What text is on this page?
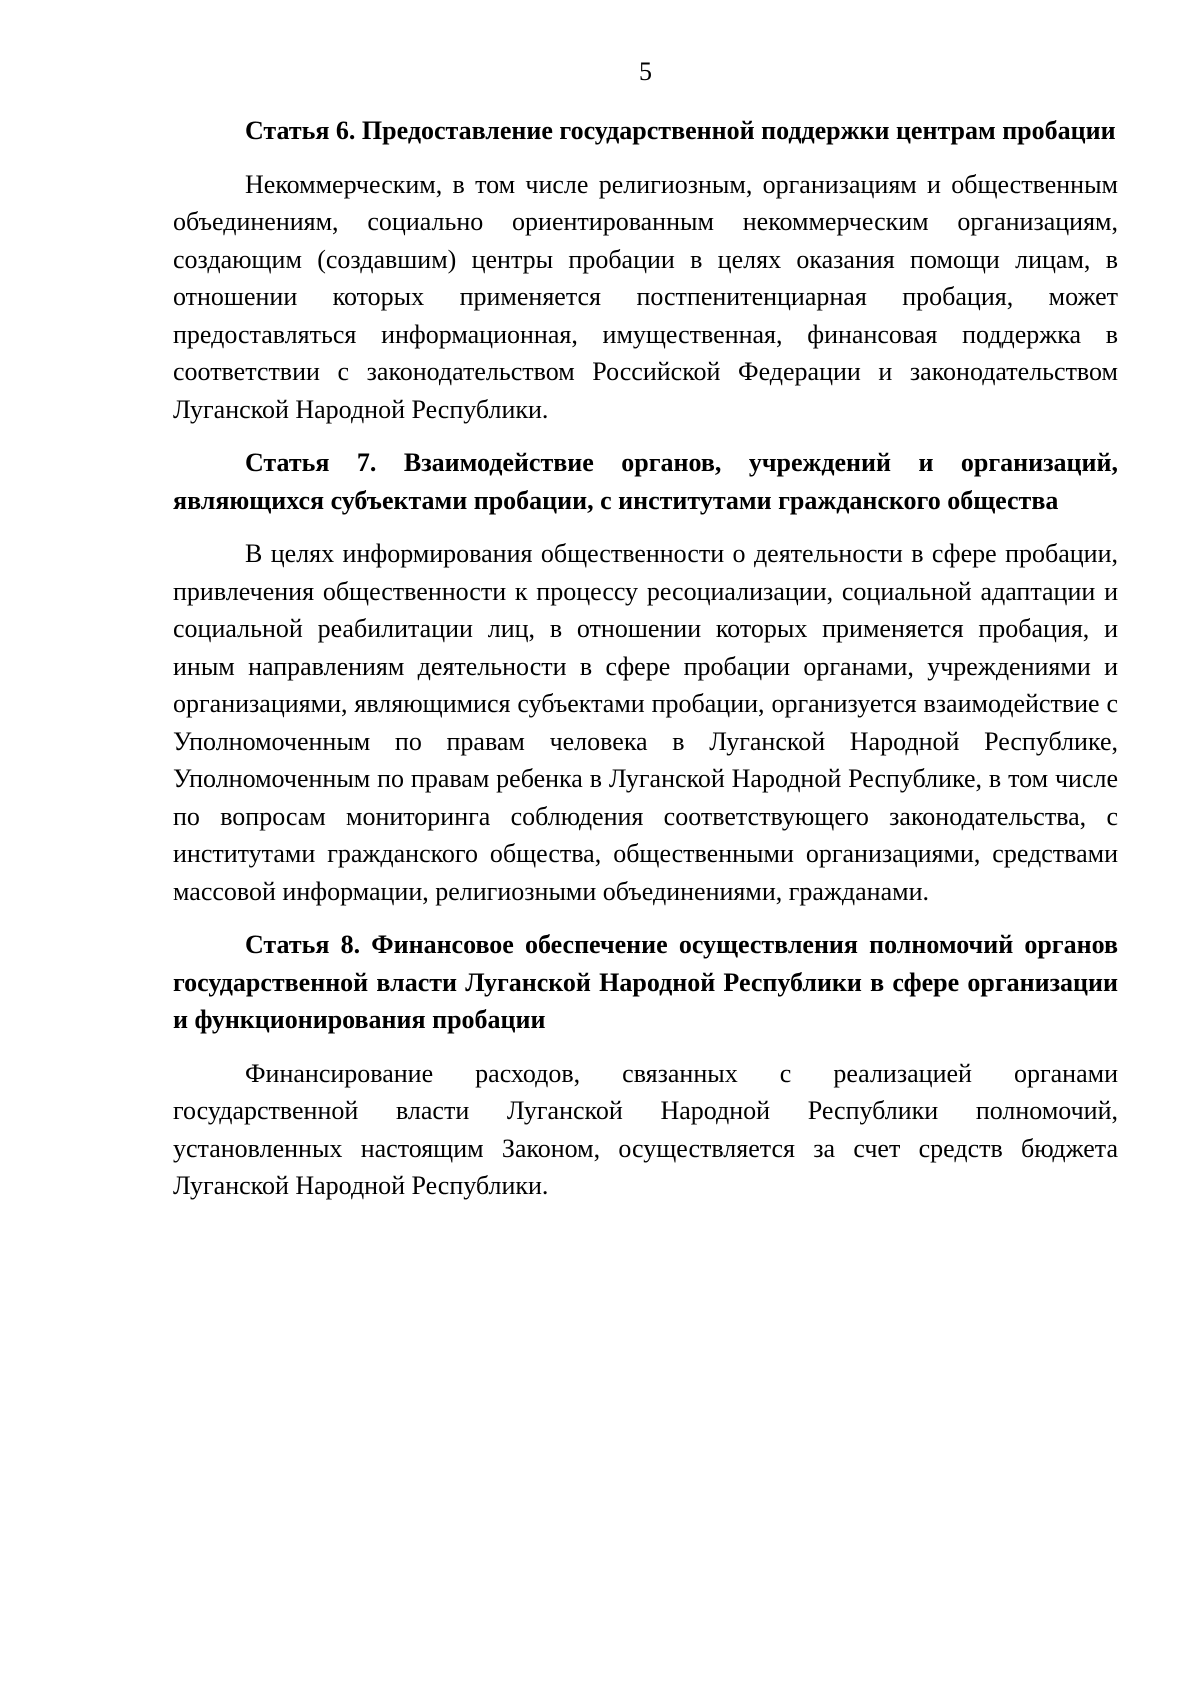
5

Статья 6. Предоставление государственной поддержки центрам пробации

Некоммерческим, в том числе религиозным, организациям и общественным объединениям, социально ориентированным некоммерческим организациям, создающим (создавшим) центры пробации в целях оказания помощи лицам, в отношении которых применяется постпенитенциарная пробация, может предоставляться информационная, имущественная, финансовая поддержка в соответствии с законодательством Российской Федерации и законодательством Луганской Народной Республики.

Статья 7. Взаимодействие органов, учреждений и организаций, являющихся субъектами пробации, с институтами гражданского общества

В целях информирования общественности о деятельности в сфере пробации, привлечения общественности к процессу ресоциализации, социальной адаптации и социальной реабилитации лиц, в отношении которых применяется пробация, и иным направлениям деятельности в сфере пробации органами, учреждениями и организациями, являющимися субъектами пробации, организуется взаимодействие с Уполномоченным по правам человека в Луганской Народной Республике, Уполномоченным по правам ребенка в Луганской Народной Республике, в том числе по вопросам мониторинга соблюдения соответствующего законодательства, с институтами гражданского общества, общественными организациями, средствами массовой информации, религиозными объединениями, гражданами.

Статья 8. Финансовое обеспечение осуществления полномочий органов государственной власти Луганской Народной Республики в сфере организации и функционирования пробации

Финансирование расходов, связанных с реализацией органами государственной власти Луганской Народной Республики полномочий, установленных настоящим Законом, осуществляется за счет средств бюджета Луганской Народной Республики.
